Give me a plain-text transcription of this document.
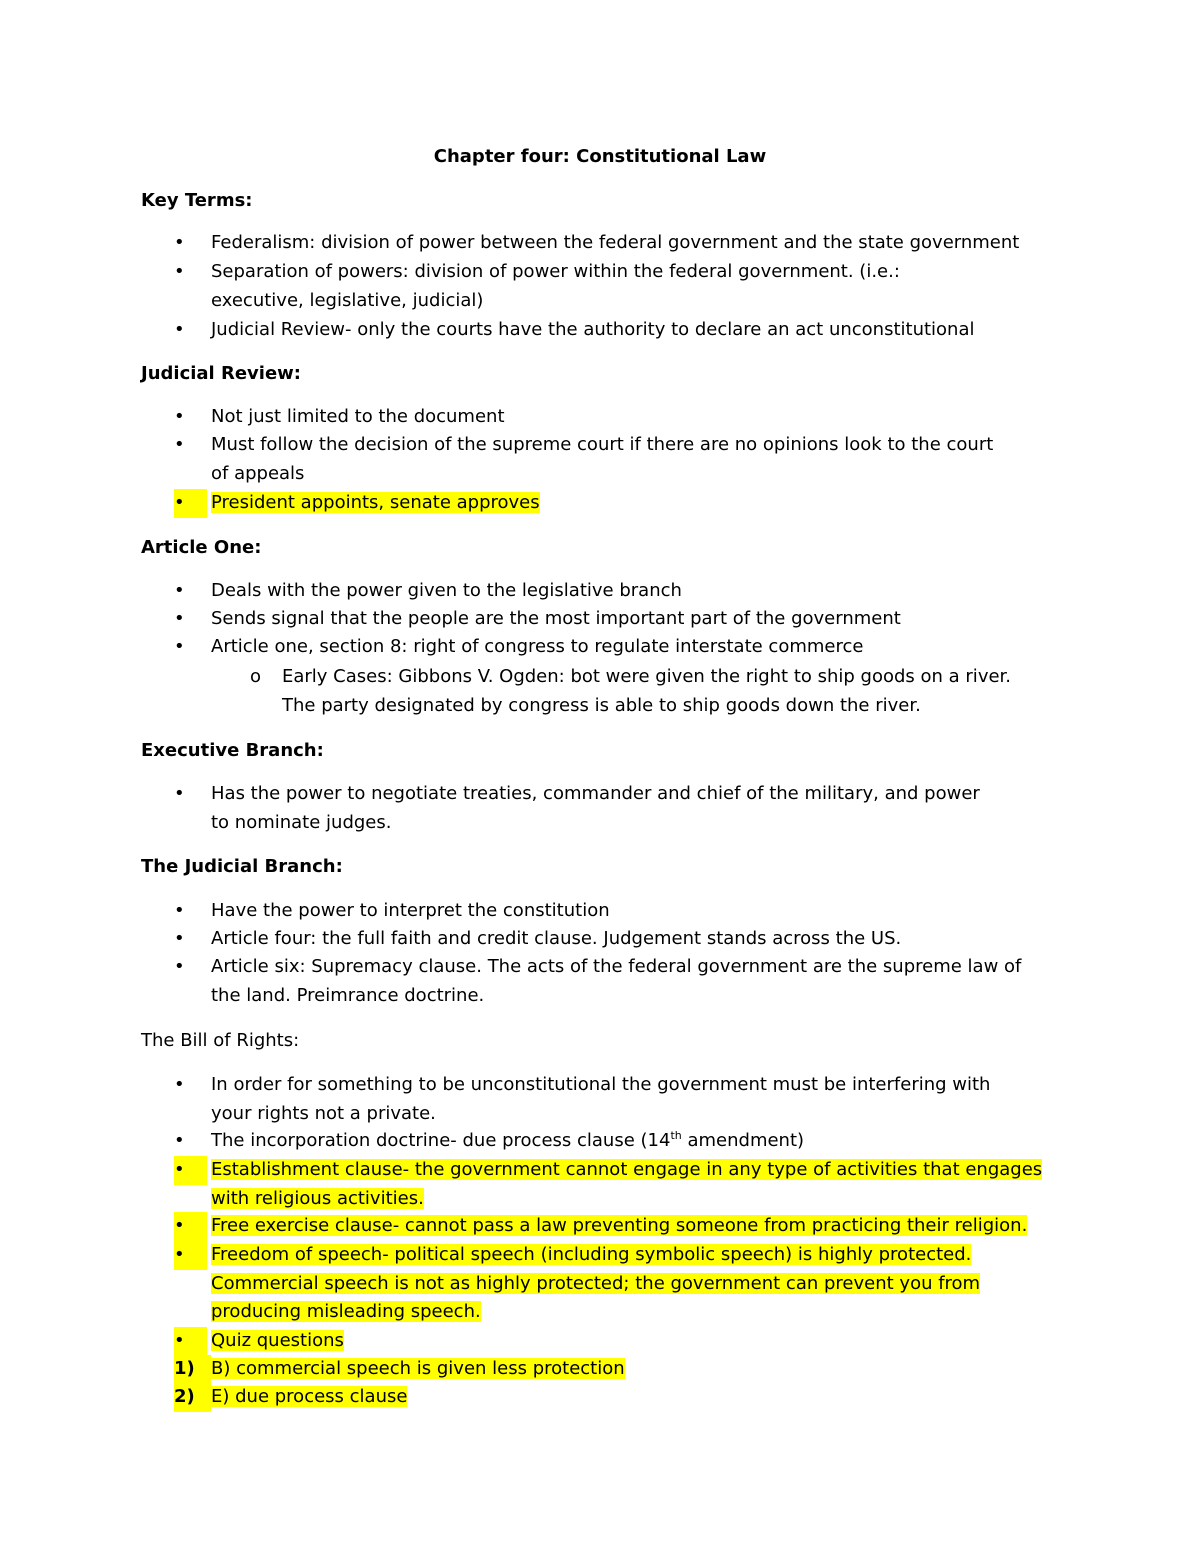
Chapter four: Constitutional Law
Key Terms:
• Federalism: division of power between the federal government and the state government
• Separation of powers: division of power within the federal government. (i.e.: executive, legislative, judicial)
• Judicial Review- only the courts have the authority to declare an act unconstitutional
Judicial Review:
• Not just limited to the document
• Must follow the decision of the supreme court if there are no opinions look to the court of appeals
•	President appoints, senate approves
Article One:
• Deals with the power given to the legislative branch
• Sends signal that the people are the most important part of the government
• Article one, section 8: right of congress to regulate interstate commerce
o Early Cases: Gibbons V. Ogden: bot were given the right to ship goods on a river. The party designated by congress is able to ship goods down the river.
Executive Branch:
• Has the power to negotiate treaties, commander and chief of the military, and power to nominate judges.
The Judicial Branch:
• Have the power to interpret the constitution
• Article four: the full faith and credit clause. Judgement stands across the US.
• Article six: Supremacy clause. The acts of the federal government are the supreme law of the land. Preimrance doctrine.
The Bill of Rights:
• In order for something to be unconstitutional the government must be interfering with your rights not a private.
• The incorporation doctrine- due process clause (14th amendment)
•	Establishment clause- the government cannot engage in any type of activities that engages with religious activities.
•	Free exercise clause- cannot pass a law preventing someone from practicing their religion.
•	Freedom of speech- political speech (including symbolic speech) is highly protected. Commercial speech is not as highly protected; the government can prevent you from producing misleading speech.
•	Quiz questions
1) B) commercial speech is given less protection
2) E) due process clause
